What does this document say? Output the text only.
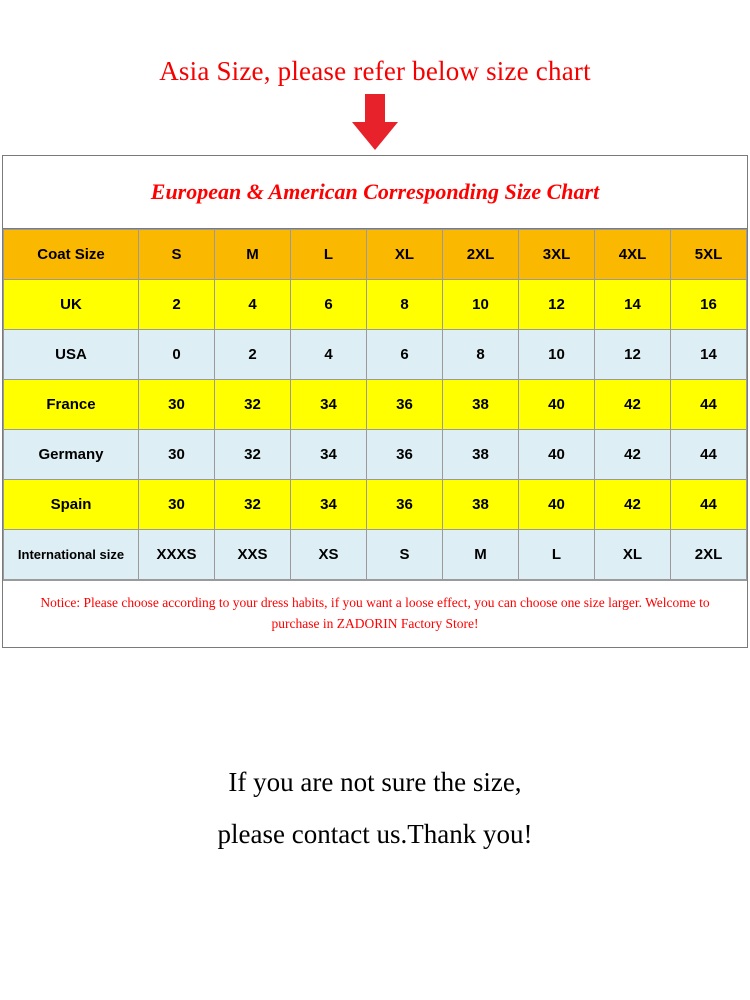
Asia Size, please refer below size chart
European & American Corresponding Size Chart
Coat Size	S	M	L	XL	2XL	3XL	4XL	5XL
UK	2	4	6	8	10	12	14	16
USA	0	2	4	6	8	10	12	14
France	30	32	34	36	38	40	42	44
Germany	30	32	34	36	38	40	42	44
Spain	30	32	34	36	38	40	42	44
International size	XXXS	XXS	XS	S	M	L	XL	2XL
Notice: Please choose according to your dress habits, if you want a loose effect, you can choose one size larger. Welcome to purchase in ZADORIN Factory Store!
If you are not sure the size,
please contact us.Thank you!
